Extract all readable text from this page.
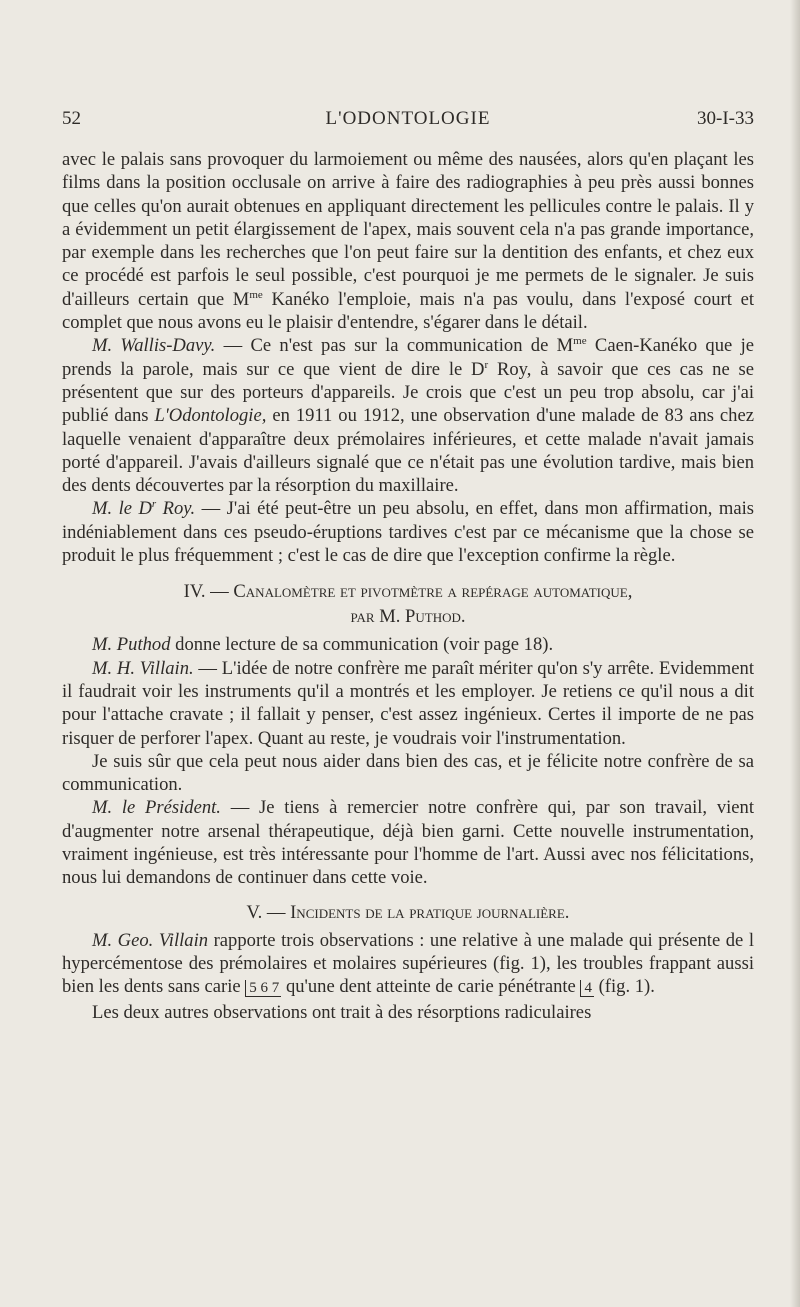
52	L'ODONTOLOGIE	30-I-33

avec le palais sans provoquer du larmoiement ou même des nausées, alors qu'en plaçant les films dans la position occlusale on arrive à faire des radiographies à peu près aussi bonnes que celles qu'on aurait obtenues en appliquant directement les pellicules contre le palais. Il y a évidemment un petit élargissement de l'apex, mais souvent cela n'a pas grande importance, par exemple dans les recherches que l'on peut faire sur la dentition des enfants, et chez eux ce procédé est parfois le seul possible, c'est pourquoi je me permets de le signaler. Je suis d'ailleurs certain que $M^{me}$ Kanéko l'emploie, mais n'a pas voulu, dans l'exposé court et complet que nous avons eu le plaisir d'entendre, s'égarer dans le détail.

M. Wallis-Davy. — Ce n'est pas sur la communication de $M^{me}$ Caen-Kanéko que je prends la parole, mais sur ce que vient de dire le $D^r$ Roy, à savoir que ces cas ne se présentent que sur des porteurs d'appareils. Je crois que c'est un peu trop absolu, car j'ai publié dans L'Odontologie, en 1911 ou 1912, une observation d'une malade de 83 ans chez laquelle venaient d'apparaître deux prémolaires inférieures, et cette malade n'avait jamais porté d'appareil. J'avais d'ailleurs signalé que ce n'était pas une évolution tardive, mais bien des dents découvertes par la résorption du maxillaire.

M. le $D^r$ Roy. — J'ai été peut-être un peu absolu, en effet, dans mon affirmation, mais indéniablement dans ces pseudo-éruptions tardives c'est par ce mécanisme que la chose se produit le plus fréquemment ; c'est le cas de dire que l'exception confirme la règle.

IV. — Canalomètre et pivotmètre a repérage automatique,
par M. Puthod.

M. Puthod donne lecture de sa communication (voir page 18).

M. H. Villain. — L'idée de notre confrère me paraît mériter qu'on s'y arrête. Evidemment il faudrait voir les instruments qu'il a montrés et les employer. Je retiens ce qu'il nous a dit pour l'attache cravate ; il fallait y penser, c'est assez ingénieux. Certes il importe de ne pas risquer de perforer l'apex. Quant au reste, je voudrais voir l'instrumentation.

Je suis sûr que cela peut nous aider dans bien des cas, et je félicite notre confrère de sa communication.

M. le Président. — Je tiens à remercier notre confrère qui, par son travail, vient d'augmenter notre arsenal thérapeutique, déjà bien garni. Cette nouvelle instrumentation, vraiment ingénieuse, est très intéressante pour l'homme de l'art. Aussi avec nos félicitations, nous lui demandons de continuer dans cette voie.

V. — Incidents de la pratique journalière.

M. Geo. Villain rapporte trois observations : une relative à une malade qui présente de l hypercémentose des prémolaires et molaires supérieures (fig. 1), les troubles frappant aussi bien les dents sans carie 5 6 7 qu'une dent atteinte de carie pénétrante 4 (fig. 1).

Les deux autres observations ont trait à des résorptions radiculaires
